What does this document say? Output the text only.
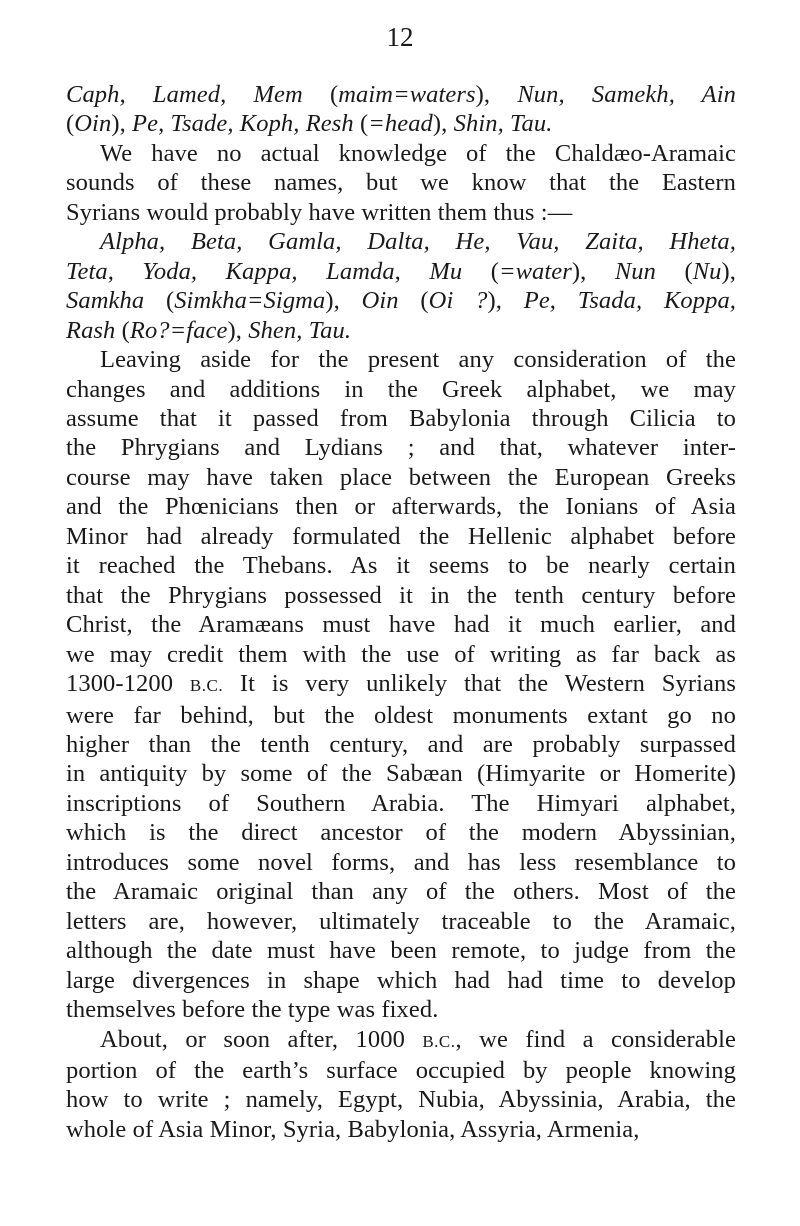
12
Caph, Lamed, Mem (maim=waters), Nun, Samekh, Ain
(Oin), Pe, Tsade, Koph, Resh (=head), Shin, Tau.
We have no actual knowledge of the Chaldæo-Aramaic
sounds of these names, but we know that the Eastern
Syrians would probably have written them thus :—
Alpha, Beta, Gamla, Dalta, He, Vau, Zaita, Hheta,
Teta, Yoda, Kappa, Lamda, Mu (=water), Nun (Nu),
Samkha (Simkha=Sigma), Oin (Oi ?), Pe, Tsada, Koppa,
Rash (Ro?=face), Shen, Tau.
Leaving aside for the present any consideration of the
changes and additions in the Greek alphabet, we may
assume that it passed from Babylonia through Cilicia to
the Phrygians and Lydians ; and that, whatever inter-
course may have taken place between the European Greeks
and the Phœnicians then or afterwards, the Ionians of Asia
Minor had already formulated the Hellenic alphabet before
it reached the Thebans. As it seems to be nearly certain
that the Phrygians possessed it in the tenth century before
Christ, the Aramæans must have had it much earlier, and
we may credit them with the use of writing as far back as
1300-1200 B.C. It is very unlikely that the Western Syrians
were far behind, but the oldest monuments extant go no
higher than the tenth century, and are probably surpassed
in antiquity by some of the Sabæan (Himyarite or Homerite)
inscriptions of Southern Arabia. The Himyari alphabet,
which is the direct ancestor of the modern Abyssinian,
introduces some novel forms, and has less resemblance to
the Aramaic original than any of the others. Most of the
letters are, however, ultimately traceable to the Aramaic,
although the date must have been remote, to judge from the
large divergences in shape which had had time to develop
themselves before the type was fixed.
About, or soon after, 1000 B.C., we find a considerable
portion of the earth’s surface occupied by people knowing
how to write ; namely, Egypt, Nubia, Abyssinia, Arabia, the
whole of Asia Minor, Syria, Babylonia, Assyria, Armenia,
